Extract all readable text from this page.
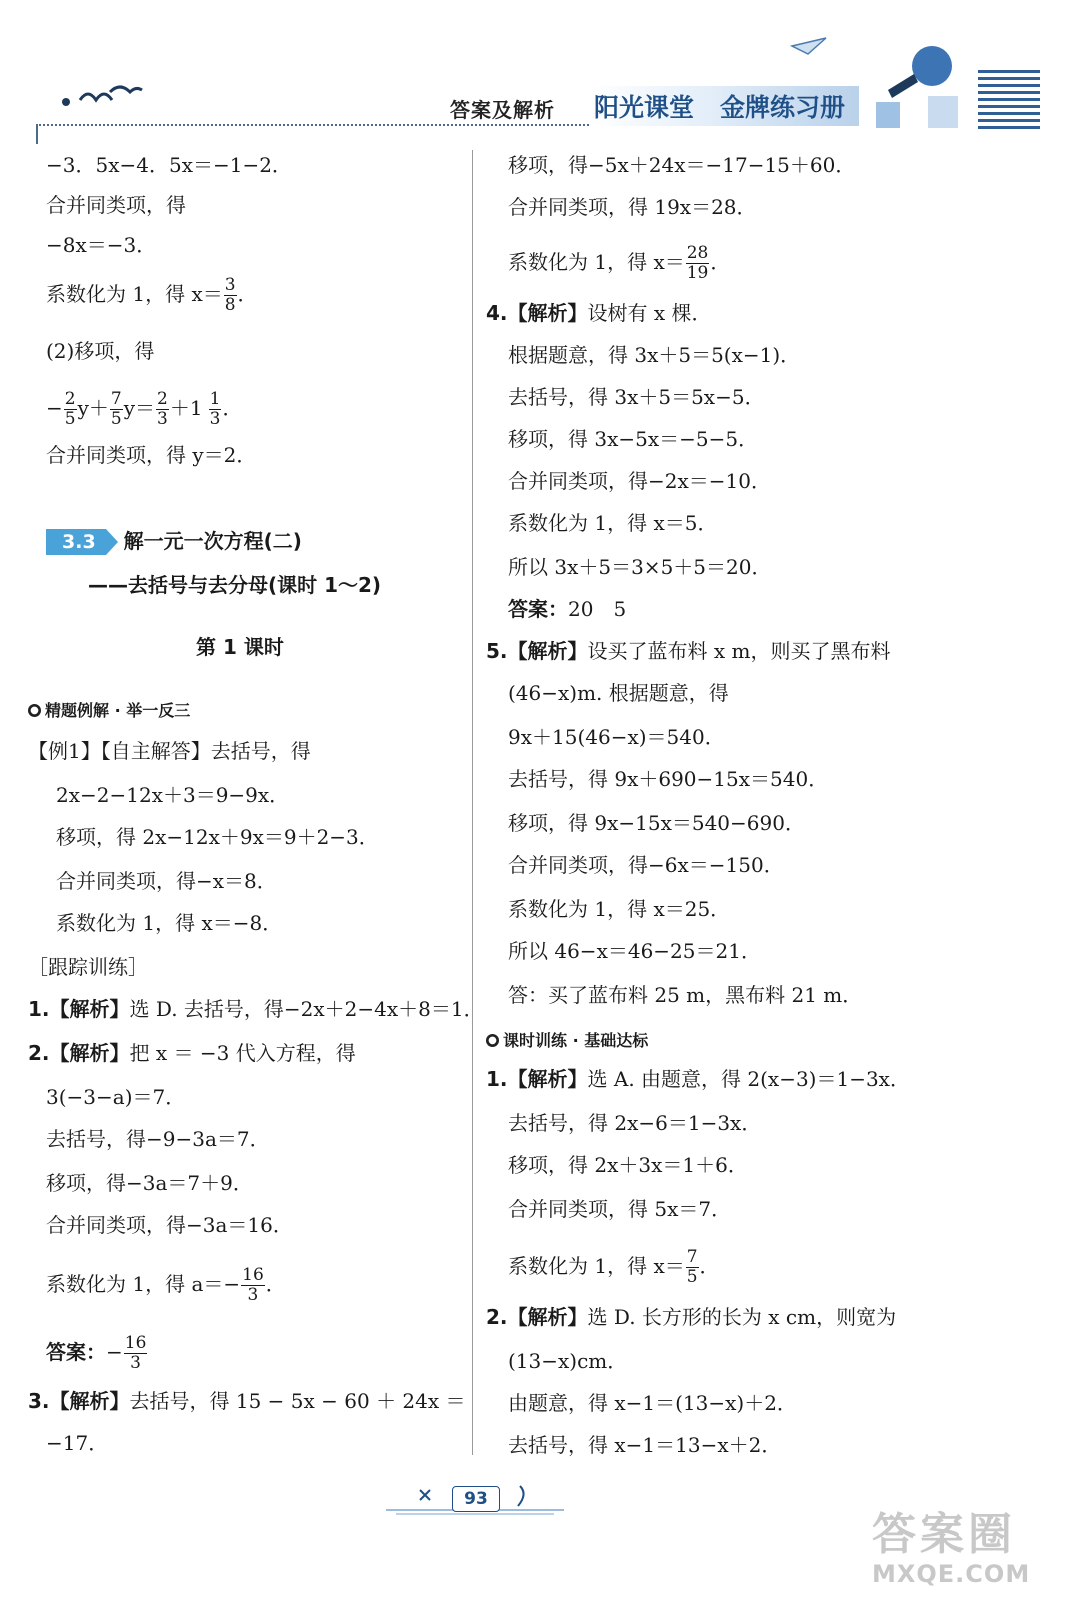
答案及解析 阳光课堂 金牌练习册
−3．5x−4．5x＝−1−2．
合并同类项，得
−8x＝−3．
系数化为 1，得 $x= \frac{3}{8}$ ．
(2)移项，得
− $\frac{2}{5} y+ \frac{7}{5} y= \frac{2}{3} +1 \frac{1}{3}$ ．
合并同类项，得 y＝2．
3.3 解一元一次方程(二)
——去括号与去分母(课时 1～2)
第 1 课时
● 精题例解 · 举一反三
【例1】【自主解答】去括号，得
2x−2−12x＋3＝9−9x．
移项，得 2x−12x＋9x＝9＋2−3．
合并同类项，得−x＝8．
系数化为 1，得 x＝−8．
［跟踪训练］
1.【解析】选 D. 去括号，得−2x＋2−4x＋8＝1．
2.【解析】把 x ＝ −3 代入方程，得
3(−3−a)＝7．
去括号，得−9−3a＝7．
移项，得−3a＝7＋9．
合并同类项，得−3a＝16．
系数化为 1，得 $a=- \frac{16}{3}$ ．
答案：− $\frac{16}{3}$
3.【解析】去括号，得 15 − 5x − 60 ＋ 24x ＝
−17．
移项，得−5x＋24x＝−17−15＋60．
合并同类项，得 19x＝28．
系数化为 1，得 $x= \frac{28}{19}$ ．
4.【解析】设树有 x 棵．
根据题意，得 3x＋5＝5(x−1)．
去括号，得 3x＋5＝5x−5．
移项，得 3x−5x＝−5−5．
合并同类项，得−2x＝−10．
系数化为 1，得 x＝5．
所以 3x＋5＝3×5＋5＝20．
答案：20　5
5.【解析】设买了蓝布料 x m，则买了黑布料
(46−x)m. 根据题意，得
9x＋15(46−x)＝540．
去括号，得 9x＋690−15x＝540．
移项，得 9x−15x＝540−690．
合并同类项，得−6x＝−150．
系数化为 1，得 x＝25．
所以 46−x＝46−25＝21．
答：买了蓝布料 25 m，黑布料 21 m．
● 课时训练 · 基础达标
1.【解析】选 A. 由题意，得 2(x−3)＝1−3x．
去括号，得 2x−6＝1−3x．
移项，得 2x＋3x＝1＋6．
合并同类项，得 5x＝7．
系数化为 1，得 $x= \frac{7}{5}$ ．
2.【解析】选 D. 长方形的长为 x cm，则宽为
(13−x)cm．
由题意，得 x−1＝(13−x)＋2．
去括号，得 x−1＝13−x＋2．
93
答案圈
MXQE.COM
